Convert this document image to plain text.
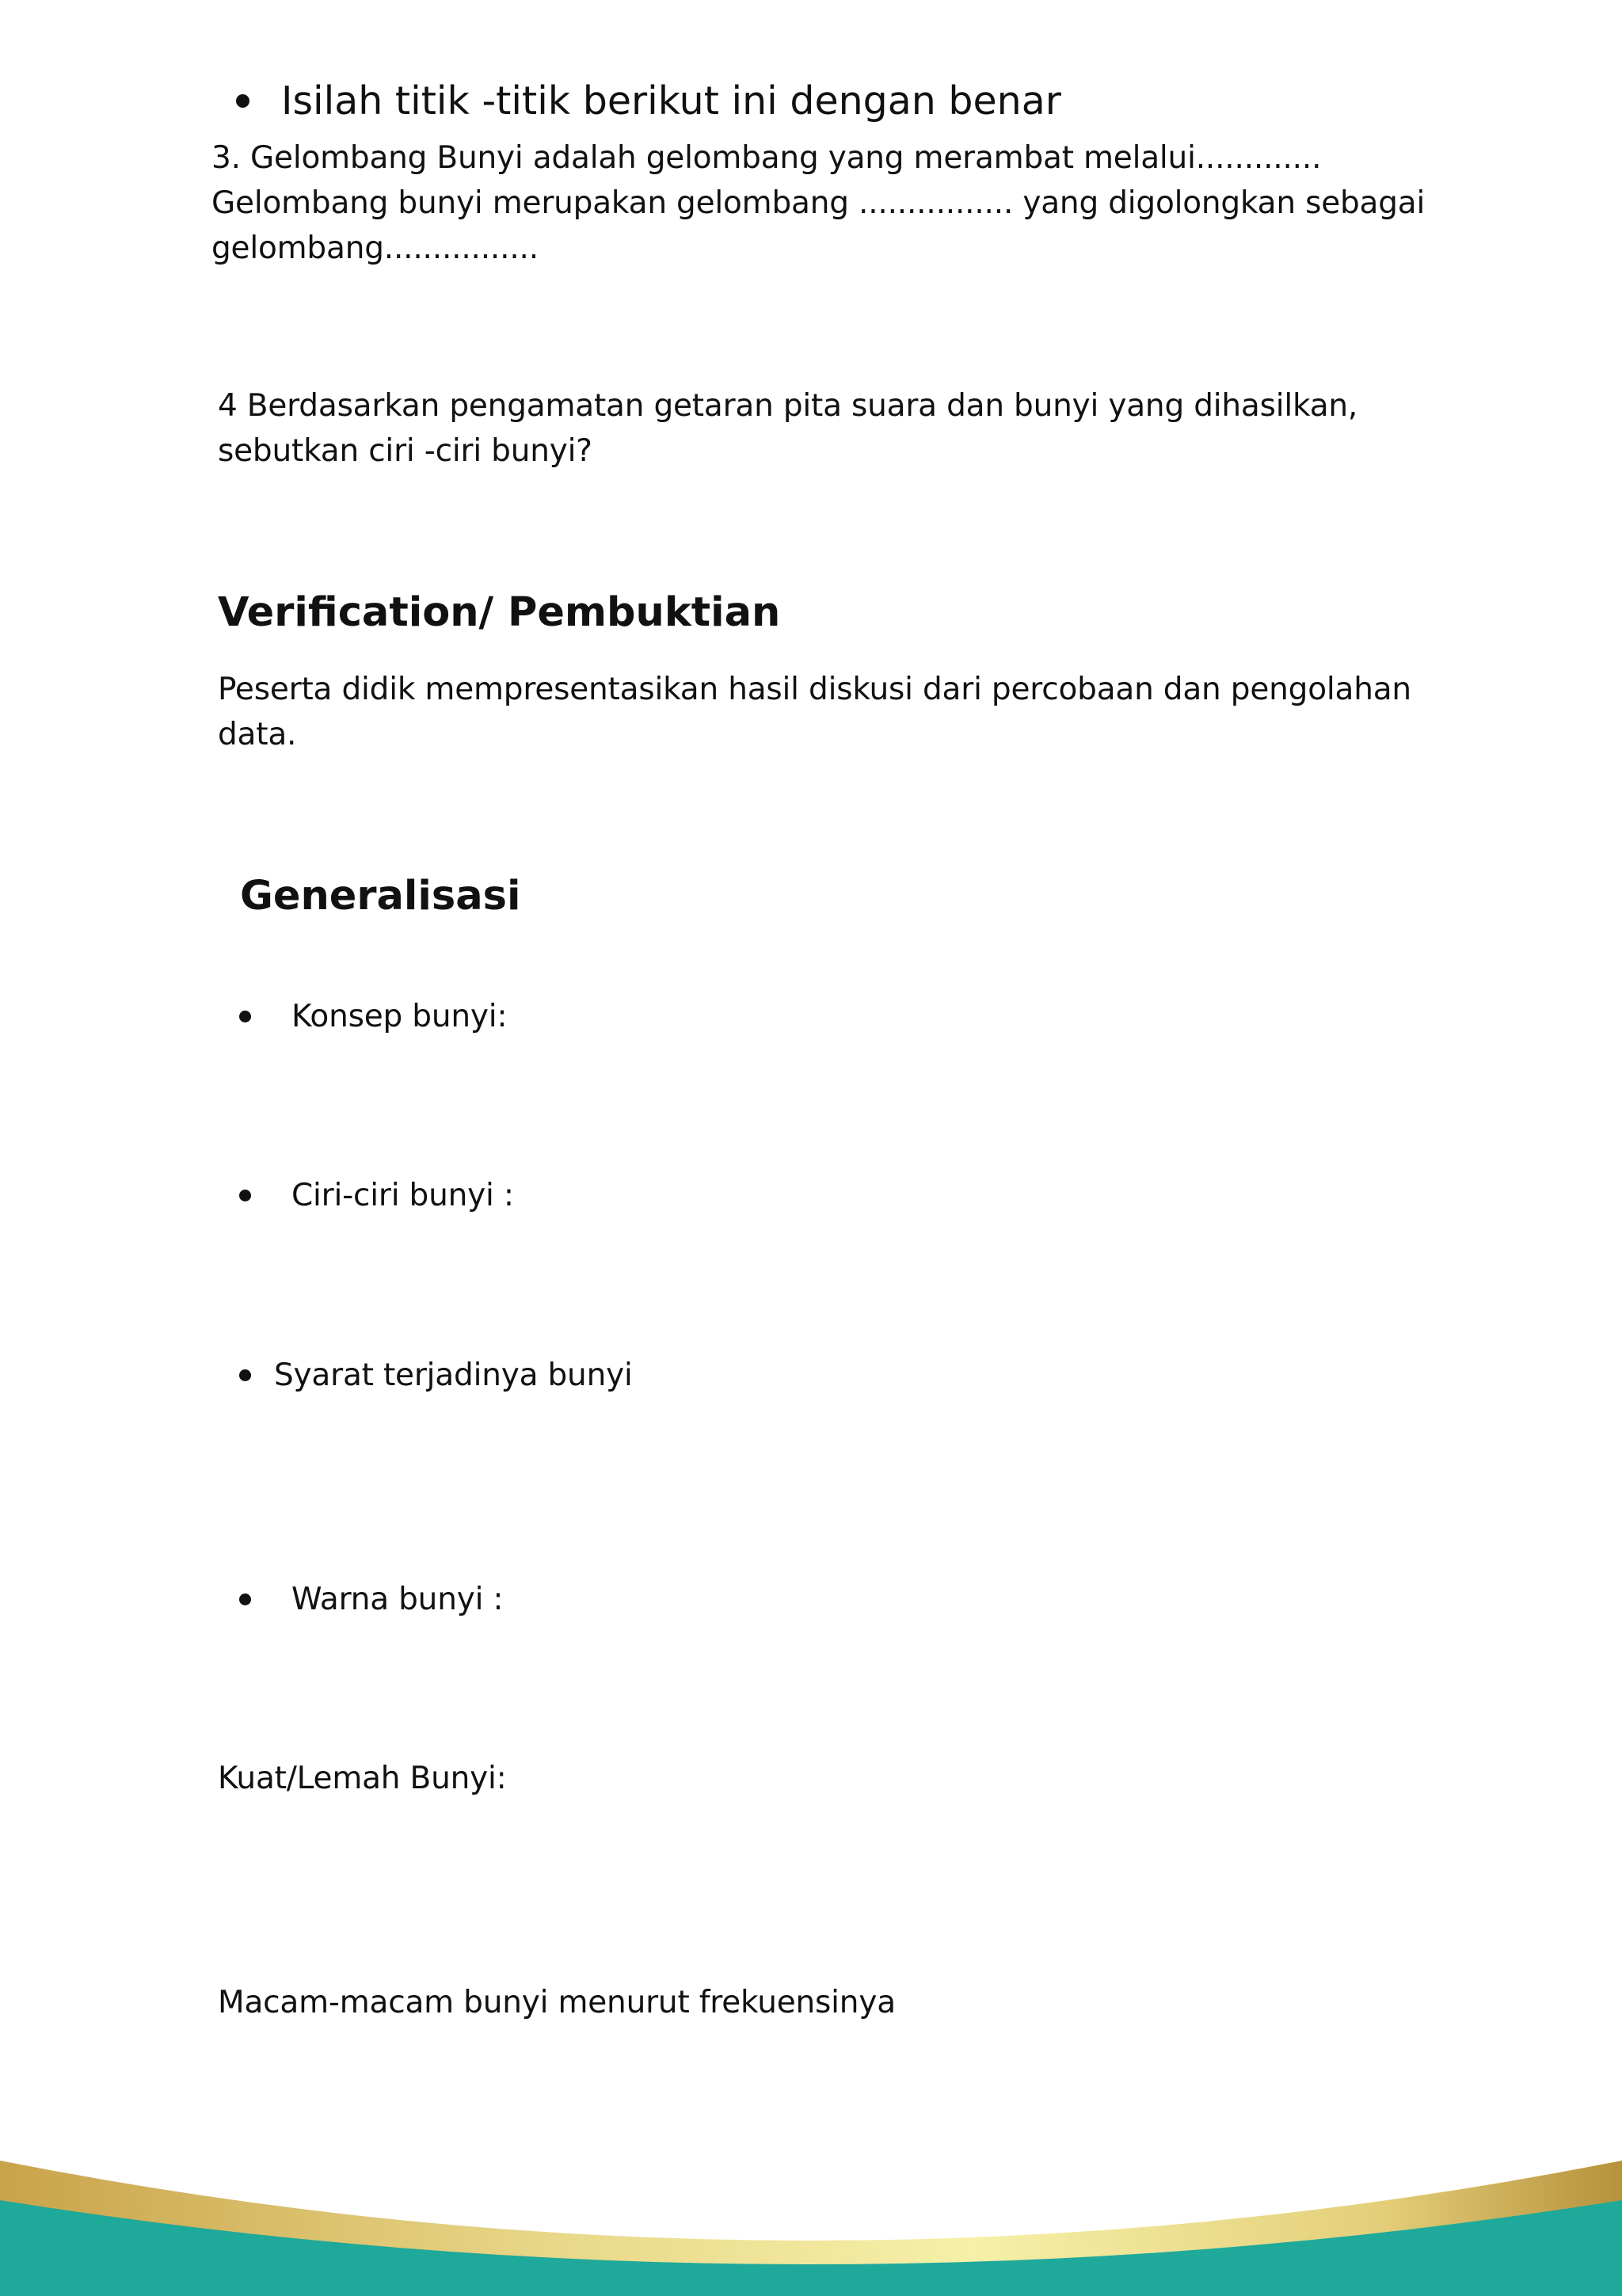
Isilah titik -titik berikut ini dengan benar
3. Gelombang Bunyi adalah gelombang yang merambat melalui.............
Gelombang bunyi merupakan gelombang ................ yang digolongkan sebagai
gelombang................
4 Berdasarkan pengamatan getaran pita suara dan bunyi yang dihasilkan,
sebutkan ciri -ciri bunyi?
Verification/ Pembuktian
Peserta didik mempresentasikan hasil diskusi dari percobaan dan pengolahan
data.
Generalisasi
Konsep bunyi:
Ciri-ciri bunyi :
Syarat terjadinya bunyi
Warna bunyi :
Kuat/Lemah Bunyi:
Macam-macam bunyi menurut frekuensinya
